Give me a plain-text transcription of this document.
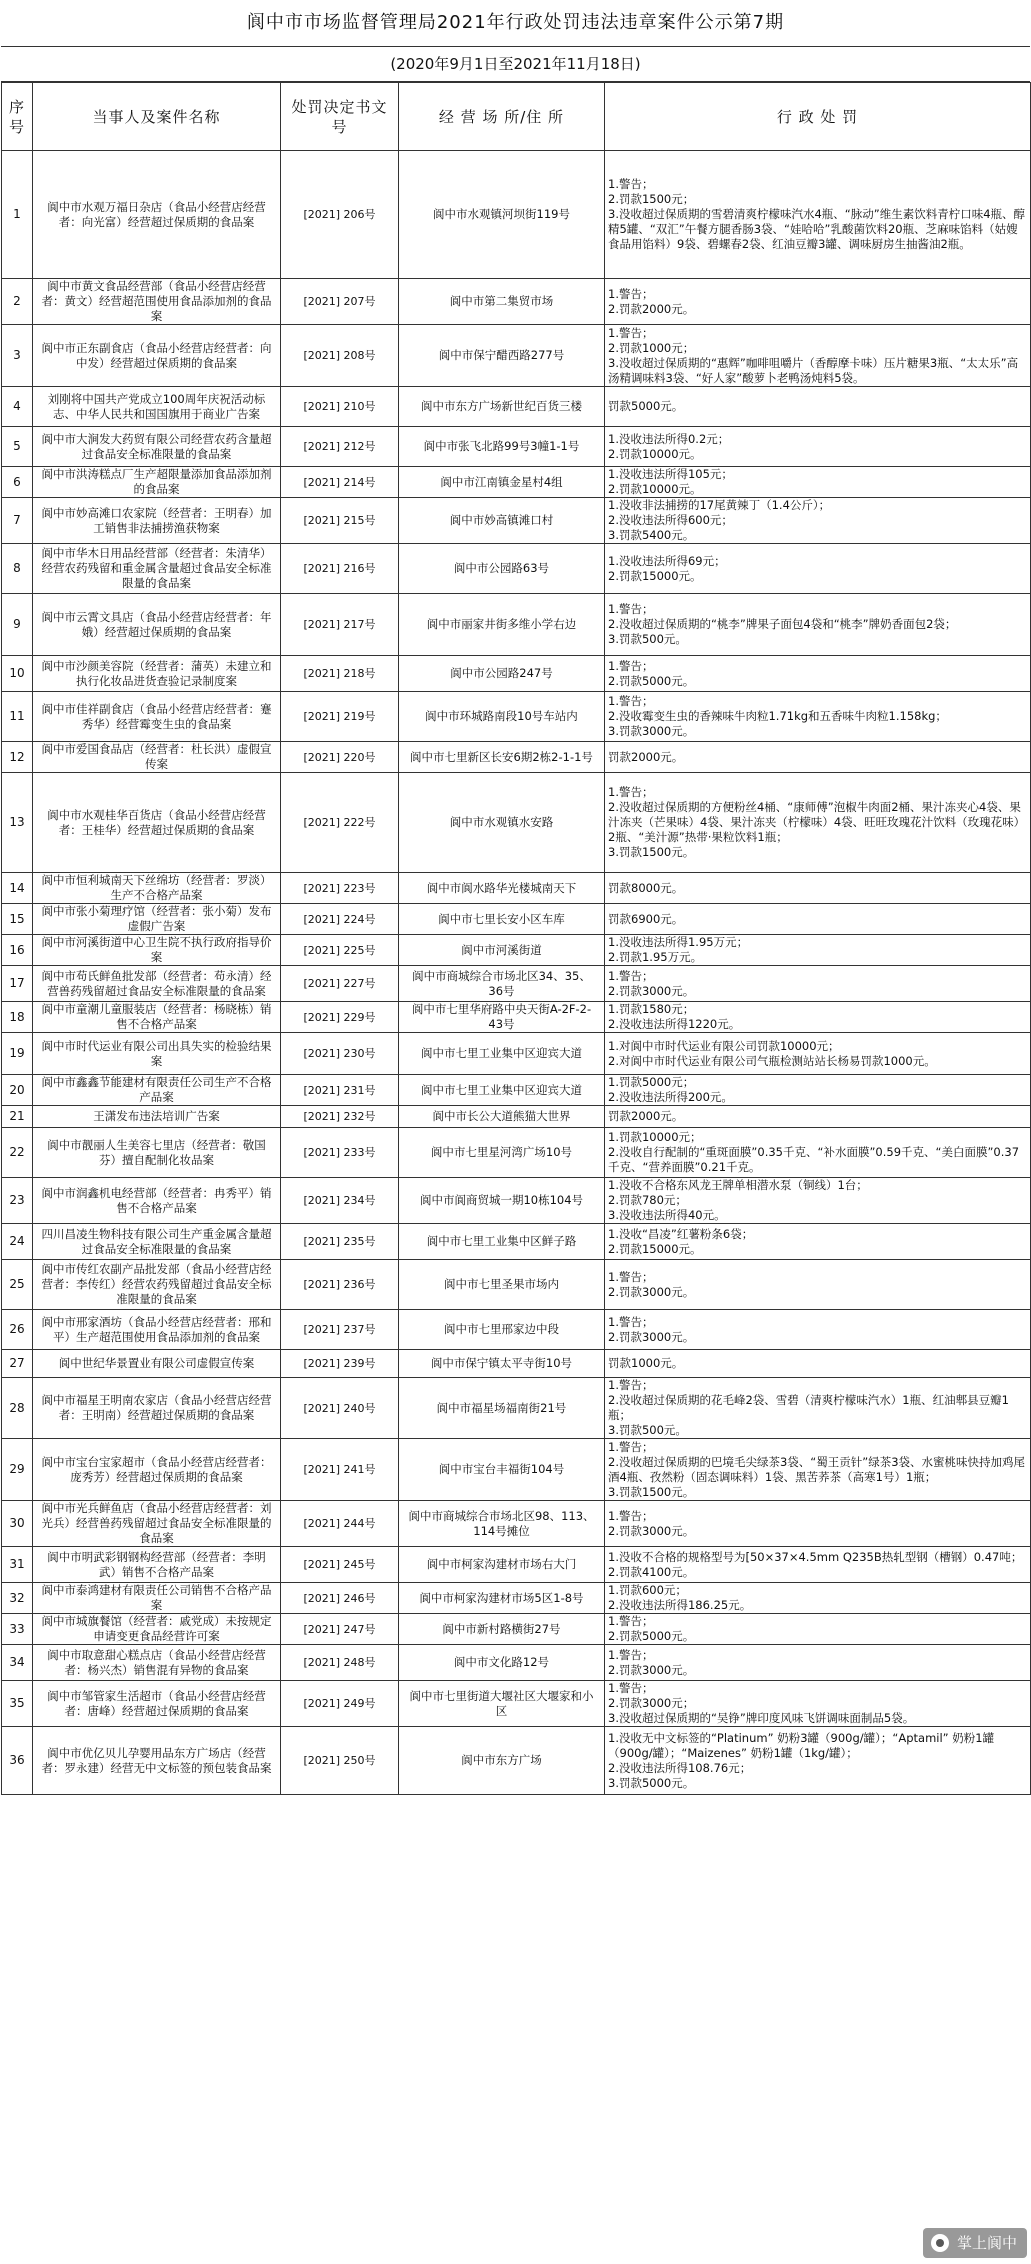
阆中市市场监督管理局2021年行政处罚违法违章案件公示第7期
(2020年9月1日至2021年11月18日)
序号	当事人及案件名称	处罚决定书文号	经 营 场 所/住 所	行 政 处 罚
1	阆中市水观万福日杂店（食品小经营店经营者：向光富）经营超过保质期的食品案	[2021] 206号	阆中市水观镇河坝街119号	1.警告；
2.罚款1500元；
3.没收超过保质期的雪碧清爽柠檬味汽水4瓶、“脉动”维生素饮料青柠口味4瓶、醇精5罐、“双汇”午餐方腿香肠3袋、“娃哈哈”乳酸菌饮料20瓶、芝麻味馅料（姑嫂食品用馅料）9袋、碧螺春2袋、红油豆瓣3罐、调味厨房生抽酱油2瓶。

2	阆中市黄文食品经营部（食品小经营店经营者：黄文）经营超范围使用食品添加剂的食品案	[2021] 207号	阆中市第二集贸市场	1.警告；
2.罚款2000元。

3	阆中市正东副食店（食品小经营店经营者：向中发）经营超过保质期的食品案	[2021] 208号	阆中市保宁醋西路277号	1.警告；
2.罚款1000元；
3.没收超过保质期的“惠辉”咖啡咀嚼片（香醇摩卡味）压片糖果3瓶、“太太乐”高汤精调味料3袋、“好人家”酸萝卜老鸭汤炖料5袋。

4	刘刚将中国共产党成立100周年庆祝活动标志、中华人民共和国国旗用于商业广告案	[2021] 210号	阆中市东方广场新世纪百货三楼	罚款5000元。

5	阆中市大涧发大药贸有限公司经营农药含量超过食品安全标准限量的食品案	[2021] 212号	阆中市张飞北路99号3幢1-1号	1.没收违法所得0.2元；
2.罚款10000元。

6	阆中市洪涛糕点厂生产超限量添加食品添加剂的食品案	[2021] 214号	阆中市江南镇金星村4组	1.没收违法所得105元；
2.罚款10000元。

7	阆中市妙高滩口农家院（经营者：王明春）加工销售非法捕捞渔获物案	[2021] 215号	阆中市妙高镇滩口村	1.没收非法捕捞的17尾黄辣丁（1.4公斤）；
2.没收违法所得600元；
3.罚款5400元。

8	阆中市华木日用品经营部（经营者：朱清华）经营农药残留和重金属含量超过食品安全标准限量的食品案	[2021] 216号	阆中市公园路63号	1.没收违法所得69元；
2.罚款15000元。

9	阆中市云霄文具店（食品小经营店经营者：年娥）经营超过保质期的食品案	[2021] 217号	阆中市丽家井街多维小学右边	1.警告；
2.没收超过保质期的“桃李”牌果子面包4袋和“桃李”牌奶香面包2袋；
3.罚款500元。

10	阆中市沙颜美容院（经营者：蒲英）未建立和执行化妆品进货查验记录制度案	[2021] 218号	阆中市公园路247号	1.警告；
2.罚款5000元。

11	阆中市佳祥副食店（食品小经营店经营者：蹇秀华）经营霉变生虫的食品案	[2021] 219号	阆中市环城路南段10号车站内	1.警告；
2.没收霉变生虫的香辣味牛肉粒1.71kg和五香味牛肉粒1.158kg；
3.罚款3000元。

12	阆中市爱国食品店（经营者：杜长洪）虚假宣传案	[2021] 220号	阆中市七里新区长安6期2栋2-1-1号	罚款2000元。

13	阆中市水观桂华百货店（食品小经营店经营者：王桂华）经营超过保质期的食品案	[2021] 222号	阆中市水观镇水安路	1.警告；
2.没收超过保质期的方便粉丝4桶、“康师傅”泡椒牛肉面2桶、果汁冻夹心4袋、果汁冻夹（芒果味）4袋、果汁冻夹（柠檬味）4袋、旺旺玫瑰花汁饮料（玫瑰花味）2瓶、“美汁源”热带·果粒饮料1瓶；
3.罚款1500元。

14	阆中市恒利城南天下丝绵坊（经营者：罗淡）生产不合格产品案	[2021] 223号	阆中市阆水路华光楼城南天下	罚款8000元。

15	阆中市张小菊理疗馆（经营者：张小菊）发布虚假广告案	[2021] 224号	阆中市七里长安小区车库	罚款6900元。

16	阆中市河溪街道中心卫生院不执行政府指导价案	[2021] 225号	阆中市河溪街道	1.没收违法所得1.95万元；
2.罚款1.95万元。

17	阆中市苟氏鲜鱼批发部（经营者：苟永清）经营兽药残留超过食品安全标准限量的食品案	[2021] 227号	阆中市商城综合市场北区34、35、36号	1.警告；
2.罚款3000元。

18	阆中市童潮儿童服装店（经营者：杨晓栋）销售不合格产品案	[2021] 229号	阆中市七里华府路中央天街A-2F-2-43号	1.罚款1580元；
2.没收违法所得1220元。

19	阆中市时代运业有限公司出具失实的检验结果案	[2021] 230号	阆中市七里工业集中区迎宾大道	1.对阆中市时代运业有限公司罚款10000元；
2.对阆中市时代运业有限公司气瓶检测站站长杨易罚款1000元。

20	阆中市鑫鑫节能建材有限责任公司生产不合格产品案	[2021] 231号	阆中市七里工业集中区迎宾大道	1.罚款5000元；
2.没收违法所得200元。

21	王潇发布违法培训广告案	[2021] 232号	阆中市长公大道熊猫大世界	罚款2000元。

22	阆中市靓丽人生美容七里店（经营者：敬国芬）擅自配制化妆品案	[2021] 233号	阆中市七里星河湾广场10号	1.罚款10000元；
2.没收自行配制的“重斑面膜”0.35千克、“补水面膜”0.59千克、“美白面膜”0.37千克、“营养面膜”0.21千克。

23	阆中市润鑫机电经营部（经营者：冉秀平）销售不合格产品案	[2021] 234号	阆中市阆商贸城一期10栋104号	1.没收不合格东风龙王牌单相潜水泵（铜线）1台；
2.罚款780元；
3.没收违法所得40元。

24	四川昌凌生物科技有限公司生产重金属含量超过食品安全标准限量的食品案	[2021] 235号	阆中市七里工业集中区鲜子路	1.没收“昌凌”红薯粉条6袋；
2.罚款15000元。

25	阆中市传红农副产品批发部（食品小经营店经营者：李传红）经营农药残留超过食品安全标准限量的食品案	[2021] 236号	阆中市七里圣果市场内	1.警告；
2.罚款3000元。

26	阆中市邢家酒坊（食品小经营店经营者：邢和平）生产超范围使用食品添加剂的食品案	[2021] 237号	阆中市七里邢家边中段	1.警告；
2.罚款3000元。

27	阆中世纪华景置业有限公司虚假宣传案	[2021] 239号	阆中市保宁镇太平寺街10号	罚款1000元。

28	阆中市福星王明南农家店（食品小经营店经营者：王明南）经营超过保质期的食品案	[2021] 240号	阆中市福星场福南街21号	1.警告；
2.没收超过保质期的花毛峰2袋、雪碧（清爽柠檬味汽水）1瓶、红油郫县豆瓣1瓶；
3.罚款500元。

29	阆中市宝台宝家超市（食品小经营店经营者：庞秀芳）经营超过保质期的食品案	[2021] 241号	阆中市宝台丰福街104号	1.警告；
2.没收超过保质期的巴境毛尖绿茶3袋、“蜀王贡针”绿茶3袋、水蜜桃味快持加鸡尾酒4瓶、孜然粉（固态调味料）1袋、黑苦荞茶（高寒1号）1瓶；
3.罚款1500元。

30	阆中市光兵鲜鱼店（食品小经营店经营者：刘光兵）经营兽药残留超过食品安全标准限量的食品案	[2021] 244号	阆中市商城综合市场北区98、113、114号摊位	1.警告；
2.罚款3000元。

31	阆中市明武彩钢钢构经营部（经营者：李明武）销售不合格产品案	[2021] 245号	阆中市柯家沟建材市场右大门	1.没收不合格的规格型号为[50×37×4.5mm Q235B热轧型钢（槽钢）0.47吨；
2.罚款4100元。

32	阆中市泰鸿建材有限责任公司销售不合格产品案	[2021] 246号	阆中市柯家沟建材市场5区1-8号	1.罚款600元；
2.没收违法所得186.25元。

33	阆中市城旗餐馆（经营者：戚党成）未按规定申请变更食品经营许可案	[2021] 247号	阆中市新村路横街27号	1.警告；
2.罚款5000元。

34	阆中市取意甜心糕点店（食品小经营店经营者：杨兴杰）销售混有异物的食品案	[2021] 248号	阆中市文化路12号	1.警告；
2.罚款3000元。

35	阆中市邹管家生活超市（食品小经营店经营者：唐峰）经营超过保质期的食品案	[2021] 249号	阆中市七里街道大堰社区大堰家和小区	1.警告；
2.罚款3000元；
3.没收超过保质期的“吴铮”牌印度风味飞饼调味面制品5袋。

36	阆中市优亿贝儿孕婴用品东方广场店（经营者：罗永建）经营无中文标签的预包装食品案	[2021] 250号	阆中市东方广场	1.没收无中文标签的“Platinum” 奶粉3罐（900g/罐）；“Aptamil” 奶粉1罐（900g/罐）；“Maizenes” 奶粉1罐（1kg/罐）；
2.没收违法所得108.76元；
3.罚款5000元。
掌上阆中
